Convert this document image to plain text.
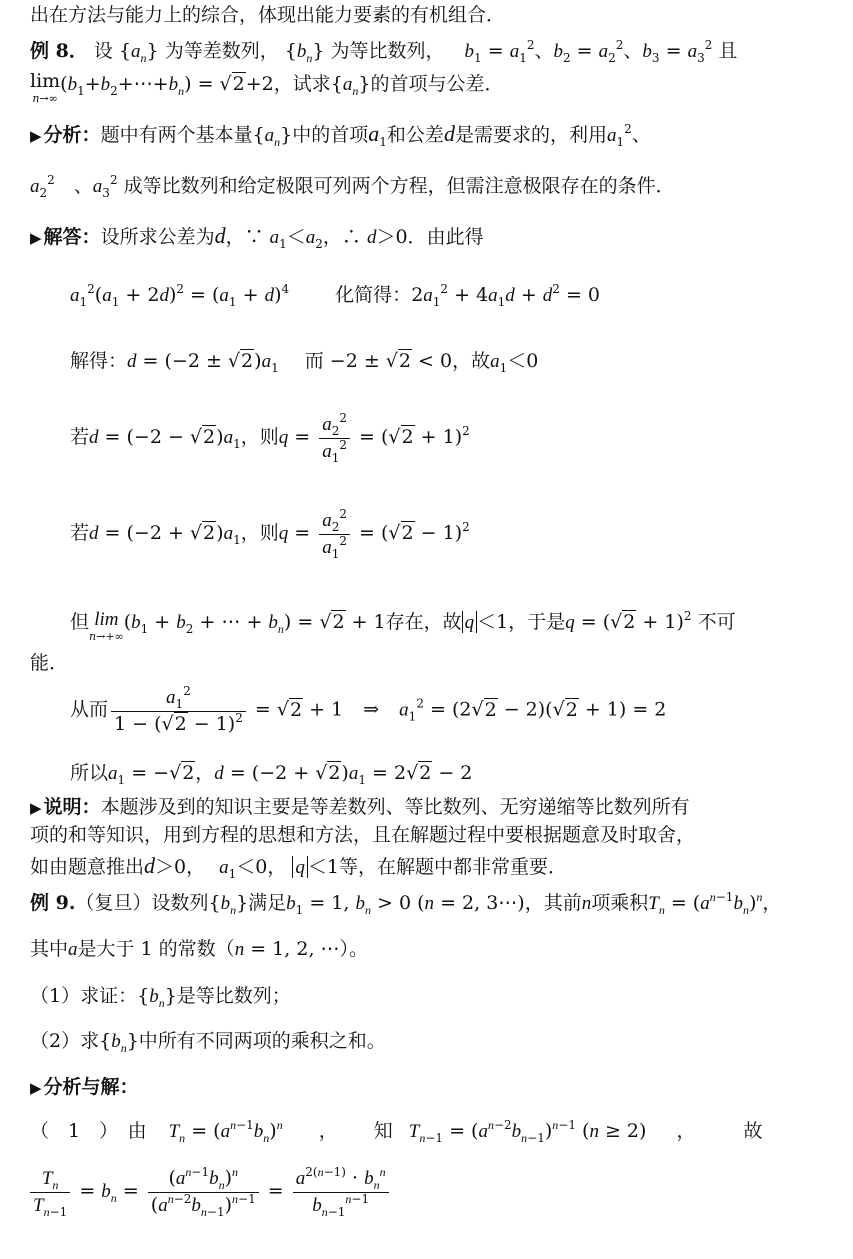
出在方法与能力上的综合，体现出能力要素的有机组合．
例 8． 设 $\{a_n\}$ 为等差数列， $\{b_n\}$ 为等比数列， $b_1 = a_1^2$、$b_2 = a_2^2$、$b_3 = a_3^2$ 且
lim
n→∞
$(b_1+b_2+\cdots+b_n) = √2+2$，试求$\{a_n\}$的首项与公差．
▶ 分析：题中有两个基本量$\{a_n\}$中的首项$a_1$和公差d是需要求的，利用$a_1^2$、
$a_2^2$　、$a_3^2$ 成等比数列和给定极限可列两个方程，但需注意极限存在的条件．
▶ 解答：设所求公差为d，∵ $a_1<a_2$，∴ d＞0．由此得
$a_1^2(a_1 + 2d)^2 = (a_1 + d)^4$ 化简得：$2a_1^2 + 4a_1d + d^2 = 0$
解得：$d = (-2 \pm √2)a_1$ 而 −2 ± √2 < 0，故$a_1<0$
若$d = (-2 - √2)a_1$，则$q = \frac{a_2^2}{a_1^2} = (√2 + 1)^2$
若$d = (-2 + √2)a_1$，则$q = \frac{a_2^2}{a_1^2} = (√2 - 1)^2$
但 lim
n→+∞
($b_1 + b_2$ + ⋯ + $b_n) = √2 + 1$存在，故 q ＜1，于是$q = (√2 + 1)^2$ 不可
能．
从而 $\frac{a_1^2}{1 - (√2 - 1)^2} = √2 + 1$ ⇒ $a_1^2 = (2√2 - 2)(√2 + 1) = 2$
所以$a_1 = -√2$，$d = (-2 + √2)a_1 = 2√2 - 2$
▶ 说明：本题涉及到的知识主要是等差数列、等比数列、无穷递缩等比数列所有
项的和等知识，用到方程的思想和方法，且在解题过程中要根据题意及时取舍，
如由题意推出d＞0， $a_1<0$， q ＜1等，在解题中都非常重要．
例 9.（复旦）设数列$\{b_n\}$满足$b_1 = 1$, $b_n > 0$ (n = 2, 3⋯)，其前n项乘积$T_n = (a^{n-1}b_n)^n$，
其中a是大于 1 的常数（n = 1, 2, ⋯）。
（1）求证：$\{b_n\}$是等比数列；
（2）求$\{b_n\}$中所有不同两项的乘积之和。
▶ 分析与解：
（　1　）　由 $T_n = (a^{n-1}b_n)^n$ ， 知 $T_{n-1} = (a^{n-2}b_{n-1})^{n-1}$ (n ≥ 2) ，	故
$\frac{T_n}{T_{n-1}} = b_n = \frac{(a^{n-1}b_n)^n}{(a^{n-2}b_{n-1})^{n-1}} = \frac{a^{2(n-1)} \cdot b_n^n}{b_{n-1}^{n-1}}$
